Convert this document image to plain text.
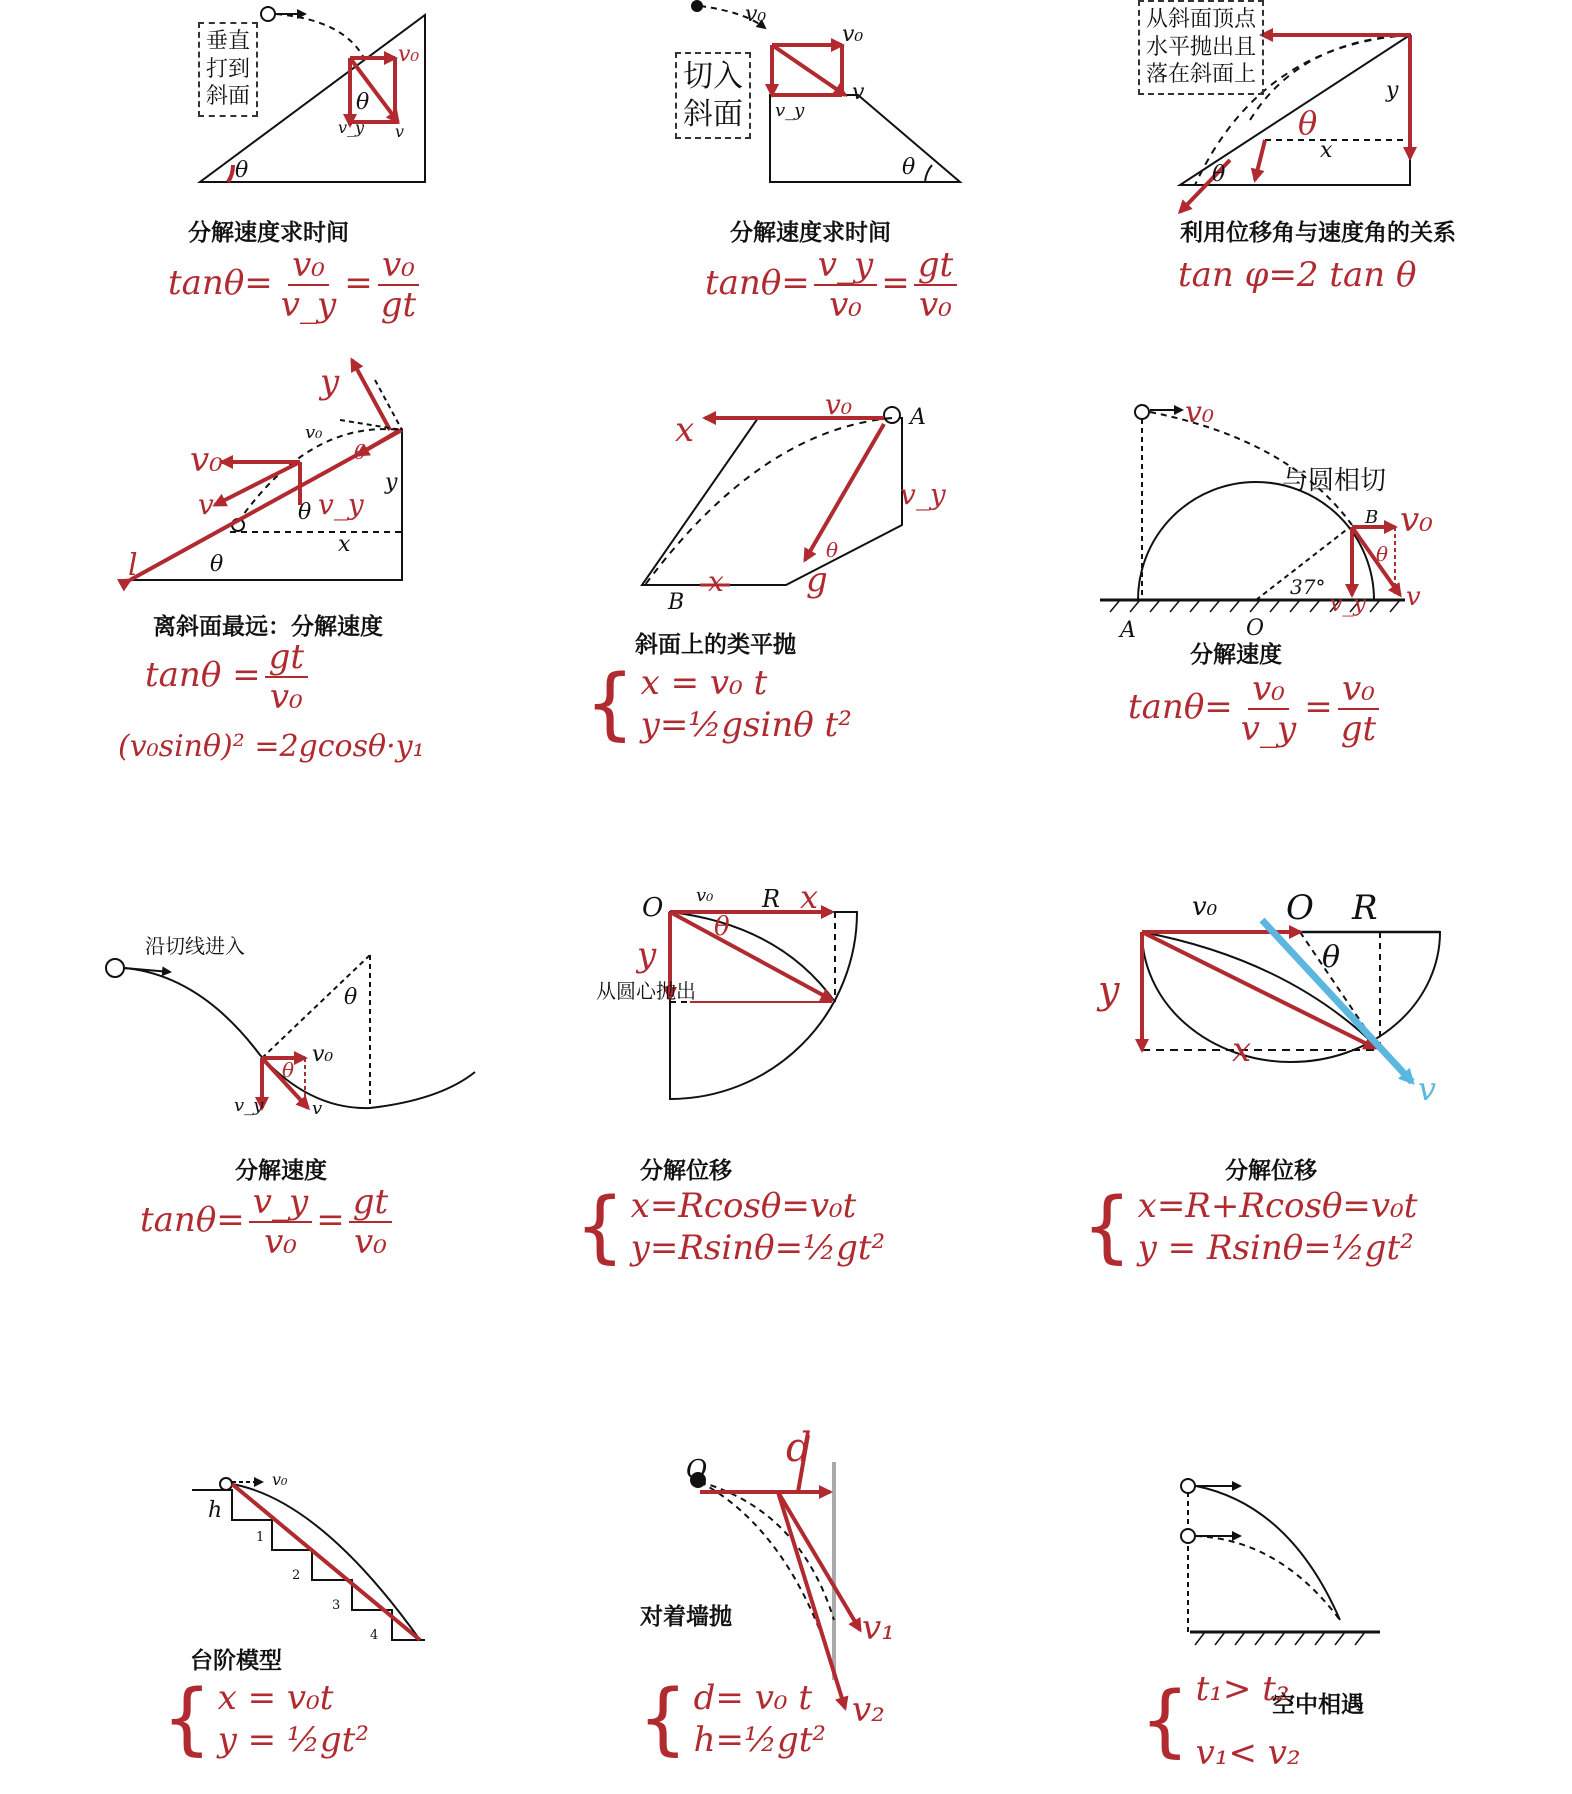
垂直
打到
斜面
v₀
v_y v
θ
θ
分解速度求时间
$\tan\theta= \frac{\text{v₀}}{v\_y} = \frac{\text{v₀}}{gt}$
切入
斜面
v₀
v₀
v
v_y
θ
分解速度求时间
$\tan\theta= \frac{v\_y}{\text{v₀}} = \frac{gt}{\text{v₀}}$
从斜面顶点
水平抛出且
落在斜面上
y
x
θ
θ
利用位移角与速度角的关系
tan φ=2 tan θ
y
v₀
v	v_y
θ
θ
y
x
v₀
θ
l
离斜面最远：分解速度
$\tan\theta = \frac{gt}{\text{v₀}}$
(v₀sinθ)² =2gcosθ·y₁
x
v₀	A
B
x
v_y
g
θ
斜面上的类平抛
{ x = v₀ t
y=½gsinθ t²
v₀
与圆相切
B v₀
θ
v
v_y
37°
A	O
分解速度
$\tan\theta= \frac{\text{v₀}}{v\_y} = \frac{\text{v₀}}{gt}$
沿切线进入
θ
θ
v₀
v_y	v
分解速度
$\tan\theta= \frac{v\_y}{\text{v₀}} = \frac{gt}{\text{v₀}}$
O v₀ R x
θ
y
从圆心抛出
分解位移
{ x=Rcosθ=v₀t
y=Rsinθ=½gt²
v₀ O R
θ
y
x
v
分解位移
{ x=R+Rcosθ=v₀t
y = Rsinθ=½gt²
v₀
h
1
2
3
4
台阶模型
{ x = v₀t
y = ½gt²
O d
v₁
v₂
对着墙抛
{ d= v₀ t
h=½gt²
空中相遇
{ t₁> t₂
v₁< v₂
